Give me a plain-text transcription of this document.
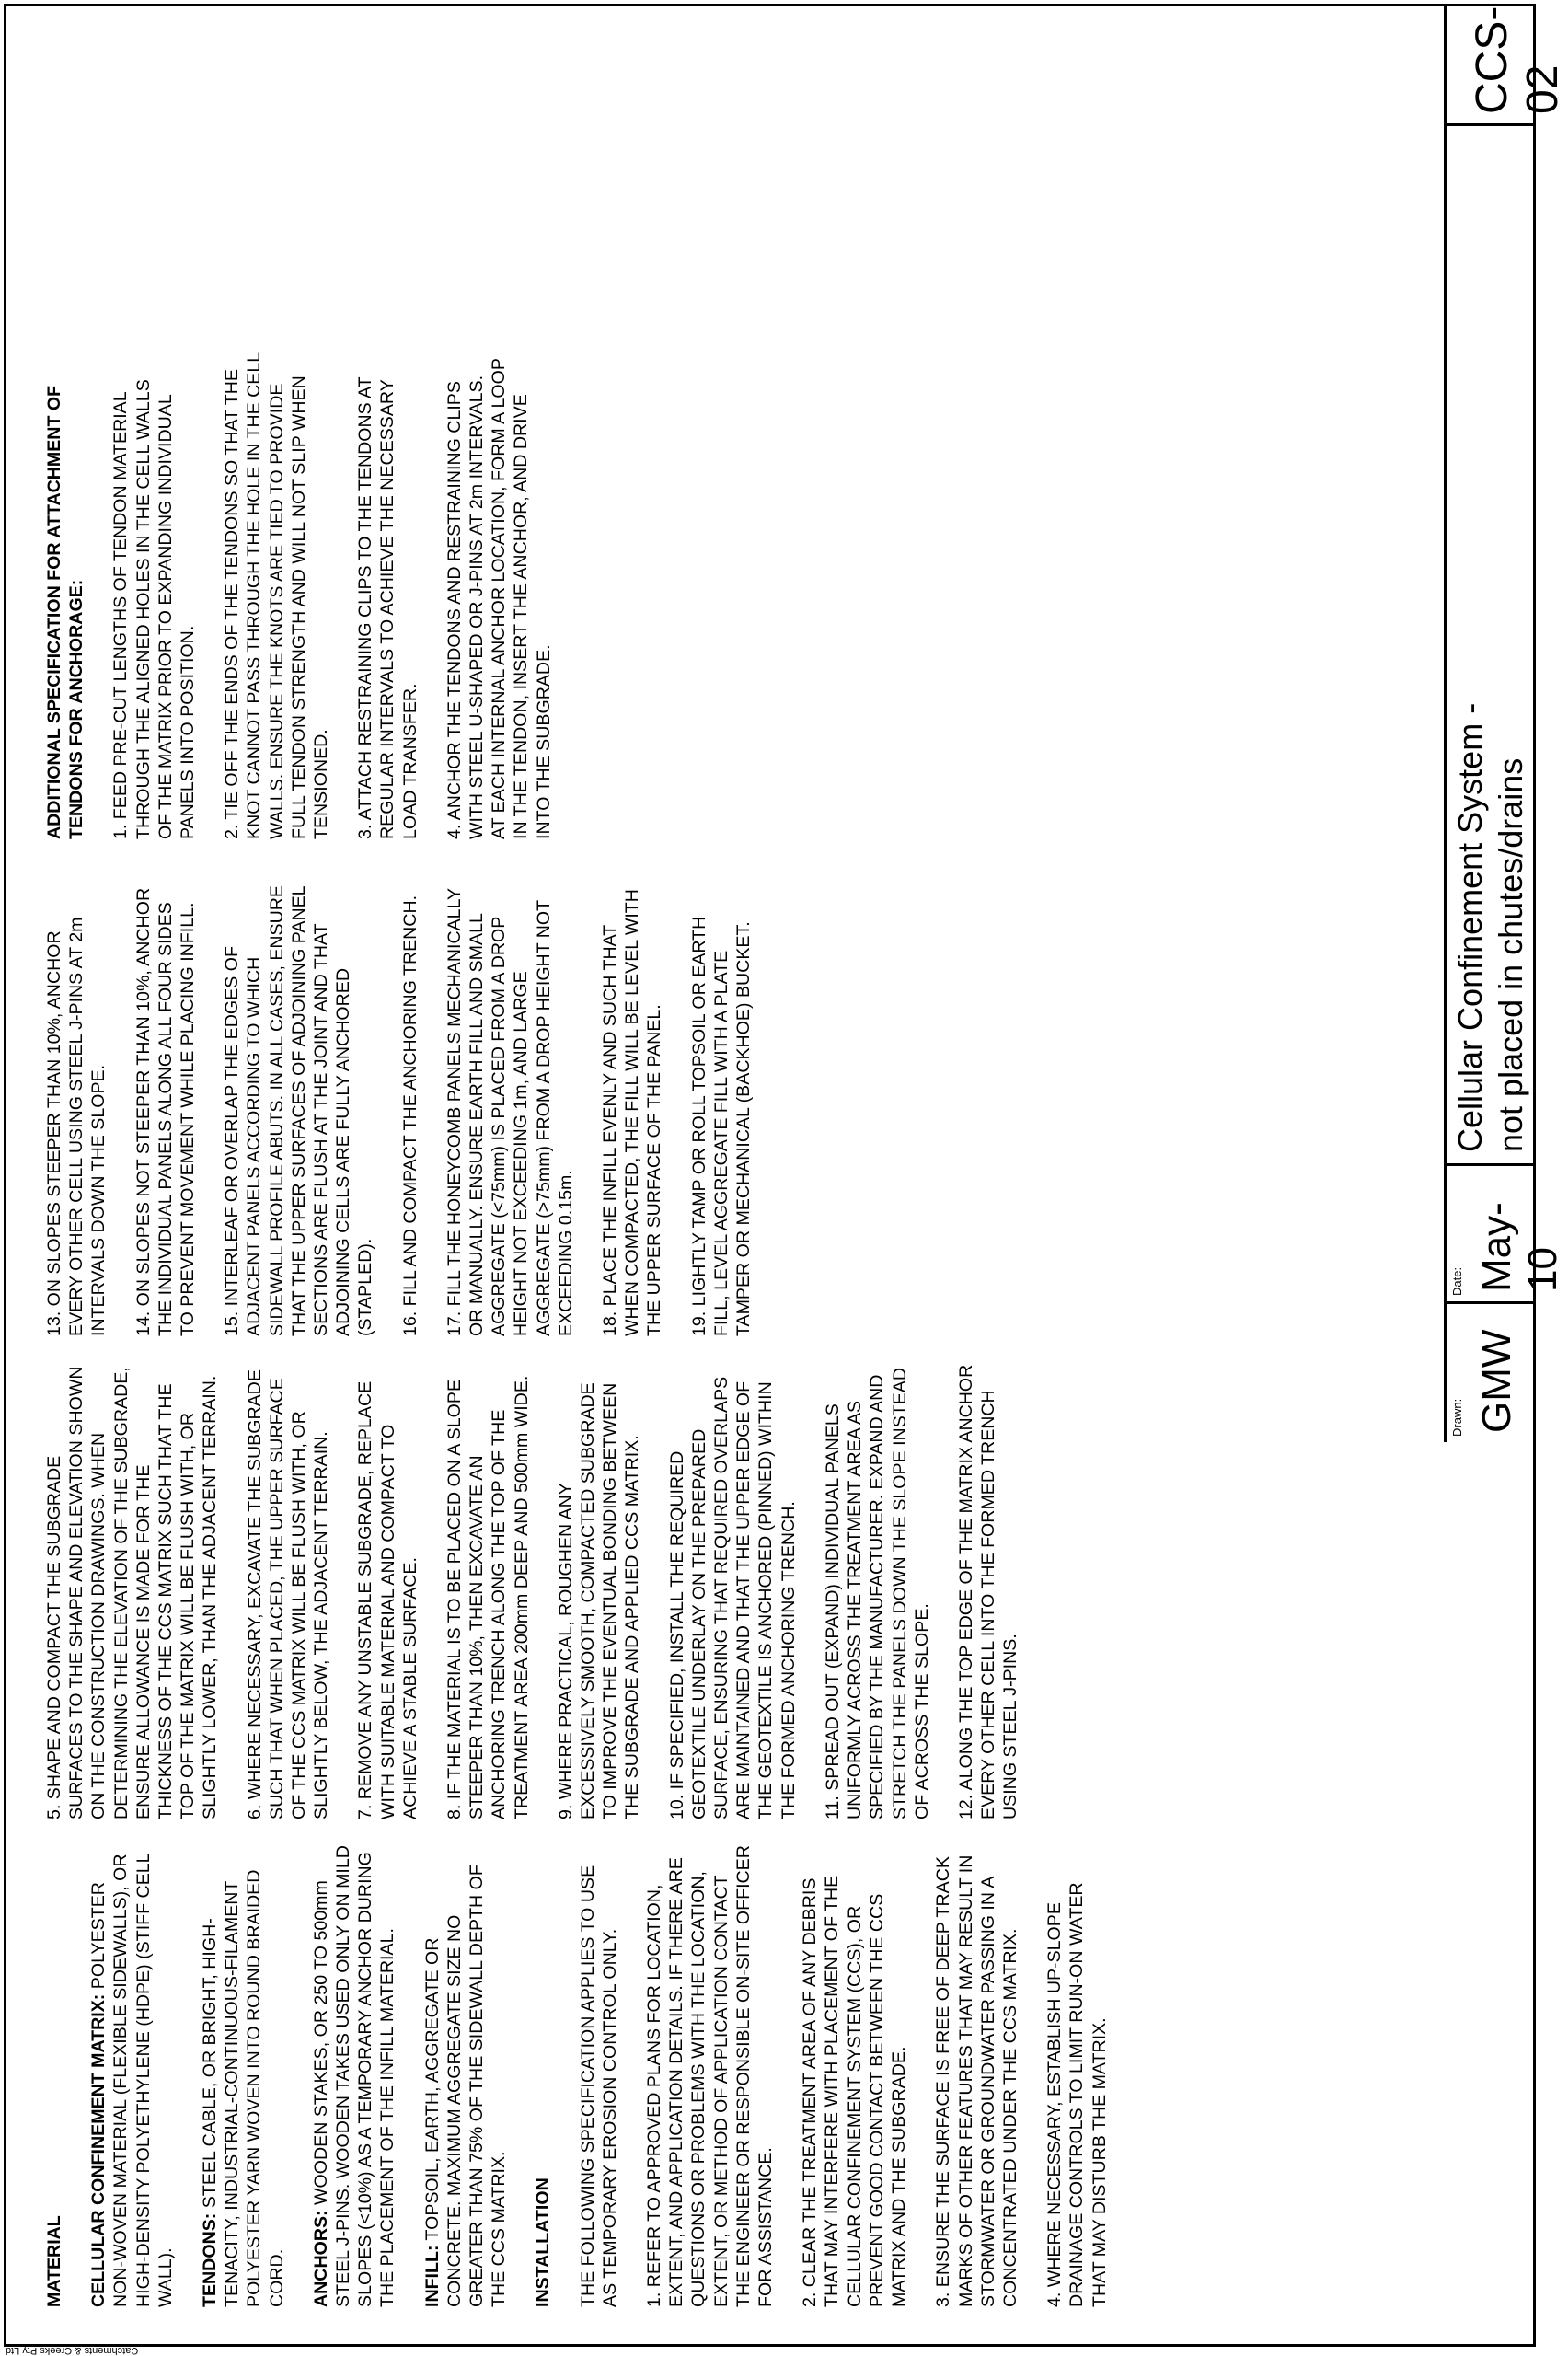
MATERIAL CELLULAR CONFINEMENT MATRIX: POLYESTER NON-WOVEN MATERIAL (FLEXIBLE SIDEWALLS), OR HIGH-DENSITY POLYETHYLENE (HDPE) (STIFF CELL WALL). TENDONS: STEEL CABLE, OR BRIGHT, HIGH-TENACITY, INDUSTRIAL-CONTINUOUS-FILAMENT POLYESTER YARN WOVEN INTO ROUND BRAIDED CORD. ANCHORS: WOODEN STAKES, OR 250 TO 500mm STEEL J-PINS. WOODEN TAKES USED ONLY ON MILD SLOPES (<10%) AS A TEMPORARY ANCHOR DURING THE PLACEMENT OF THE INFILL MATERIAL. INFILL: TOPSOIL, EARTH, AGGREGATE OR CONCRETE. MAXIMUM AGGREGATE SIZE NO GREATER THAN 75% OF THE SIDEWALL DEPTH OF THE CCS MATRIX. INSTALLATION THE FOLLOWING SPECIFICATION APPLIES TO USE AS TEMPORARY EROSION CONTROL ONLY. 1. REFER TO APPROVED PLANS FOR LOCATION, EXTENT, AND APPLICATION DETAILS. IF THERE ARE QUESTIONS OR PROBLEMS WITH THE LOCATION, EXTENT, OR METHOD OF APPLICATION CONTACT THE ENGINEER OR RESPONSIBLE ON-SITE OFFICER FOR ASSISTANCE. 2. CLEAR THE TREATMENT AREA OF ANY DEBRIS THAT MAY INTERFERE WITH PLACEMENT OF THE CELLULAR CONFINEMENT SYSTEM (CCS), OR PREVENT GOOD CONTACT BETWEEN THE CCS MATRIX AND THE SUBGRADE. 3. ENSURE THE SURFACE IS FREE OF DEEP TRACK MARKS OF OTHER FEATURES THAT MAY RESULT IN STORMWATER OR GROUNDWATER PASSING IN A CONCENTRATED UNDER THE CCS MATRIX. 4. WHERE NECESSARY, ESTABLISH UP-SLOPE DRAINAGE CONTROLS TO LIMIT RUN-ON WATER THAT MAY DISTURB THE MATRIX.

5. SHAPE AND COMPACT THE SUBGRADE SURFACES TO THE SHAPE AND ELEVATION SHOWN ON THE CONSTRUCTION DRAWINGS. WHEN DETERMINING THE ELEVATION OF THE SUBGRADE, ENSURE ALLOWANCE IS MADE FOR THE THICKNESS OF THE CCS MATRIX SUCH THAT THE TOP OF THE MATRIX WILL BE FLUSH WITH, OR SLIGHTLY LOWER, THAN THE ADJACENT TERRAIN. 6. WHERE NECESSARY, EXCAVATE THE SUBGRADE SUCH THAT WHEN PLACED, THE UPPER SURFACE OF THE CCS MATRIX WILL BE FLUSH WITH, OR SLIGHTLY BELOW, THE ADJACENT TERRAIN. 7. REMOVE ANY UNSTABLE SUBGRADE, REPLACE WITH SUITABLE MATERIAL AND COMPACT TO ACHIEVE A STABLE SURFACE. 8. IF THE MATERIAL IS TO BE PLACED ON A SLOPE STEEPER THAN 10%, THEN EXCAVATE AN ANCHORING TRENCH ALONG THE TOP OF THE TREATMENT AREA 200mm DEEP AND 500mm WIDE. 9. WHERE PRACTICAL, ROUGHEN ANY EXCESSIVELY SMOOTH, COMPACTED SUBGRADE TO IMPROVE THE EVENTUAL BONDING BETWEEN THE SUBGRADE AND APPLIED CCS MATRIX. 10. IF SPECIFIED, INSTALL THE REQUIRED GEOTEXTILE UNDERLAY ON THE PREPARED SURFACE, ENSURING THAT REQUIRED OVERLAPS ARE MAINTAINED AND THAT THE UPPER EDGE OF THE GEOTEXTILE IS ANCHORED (PINNED) WITHIN THE FORMED ANCHORING TRENCH. 11. SPREAD OUT (EXPAND) INDIVIDUAL PANELS UNIFORMLY ACROSS THE TREATMENT AREA AS SPECIFIED BY THE MANUFACTURER. EXPAND AND STRETCH THE PANELS DOWN THE SLOPE INSTEAD OF ACROSS THE SLOPE. 12. ALONG THE TOP EDGE OF THE MATRIX ANCHOR EVERY OTHER CELL INTO THE FORMED TRENCH USING STEEL J-PINS.

13. ON SLOPES STEEPER THAN 10%, ANCHOR EVERY OTHER CELL USING STEEL J-PINS AT 2m INTERVALS DOWN THE SLOPE. 14. ON SLOPES NOT STEEPER THAN 10%, ANCHOR THE INDIVIDUAL PANELS ALONG ALL FOUR SIDES TO PREVENT MOVEMENT WHILE PLACING INFILL. 15. INTERLEAF OR OVERLAP THE EDGES OF ADJACENT PANELS ACCORDING TO WHICH SIDEWALL PROFILE ABUTS. IN ALL CASES, ENSURE THAT THE UPPER SURFACES OF ADJOINING PANEL SECTIONS ARE FLUSH AT THE JOINT AND THAT ADJOINING CELLS ARE FULLY ANCHORED (STAPLED). 16. FILL AND COMPACT THE ANCHORING TRENCH. 17. FILL THE HONEYCOMB PANELS MECHANICALLY OR MANUALLY. ENSURE EARTH FILL AND SMALL AGGREGATE (<75mm) IS PLACED FROM A DROP HEIGHT NOT EXCEEDING 1m, AND LARGE AGGREGATE (>75mm) FROM A DROP HEIGHT NOT EXCEEDING 0.15m. 18. PLACE THE INFILL EVENLY AND SUCH THAT WHEN COMPACTED, THE FILL WILL BE LEVEL WITH THE UPPER SURFACE OF THE PANEL. 19. LIGHTLY TAMP OR ROLL TOPSOIL OR EARTH FILL, LEVEL AGGREGATE FILL WITH A PLATE TAMPER OR MECHANICAL (BACKHOE) BUCKET.

ADDITIONAL SPECIFICATION FOR ATTACHMENT OF TENDONS FOR ANCHORAGE: 1. FEED PRE-CUT LENGTHS OF TENDON MATERIAL THROUGH THE ALIGNED HOLES IN THE CELL WALLS OF THE MATRIX PRIOR TO EXPANDING INDIVIDUAL PANELS INTO POSITION. 2. TIE OFF THE ENDS OF THE TENDONS SO THAT THE KNOT CANNOT PASS THROUGH THE HOLE IN THE CELL WALLS. ENSURE THE KNOTS ARE TIED TO PROVIDE FULL TENDON STRENGTH AND WILL NOT SLIP WHEN TENSIONED. 3. ATTACH RESTRAINING CLIPS TO THE TENDONS AT REGULAR INTERVALS TO ACHIEVE THE NECESSARY LOAD TRANSFER. 4. ANCHOR THE TENDONS AND RESTRAINING CLIPS WITH STEEL U-SHAPED OR J-PINS AT 2m INTERVALS. AT EACH INTERNAL ANCHOR LOCATION, FORM A LOOP IN THE TENDON, INSERT THE ANCHOR, AND DRIVE INTO THE SUBGRADE.

Drawn: GMW
Date: May-10
Cellular Confinement System - not placed in chutes/drains
CCS-02
Catchments & Creeks Pty Ltd
